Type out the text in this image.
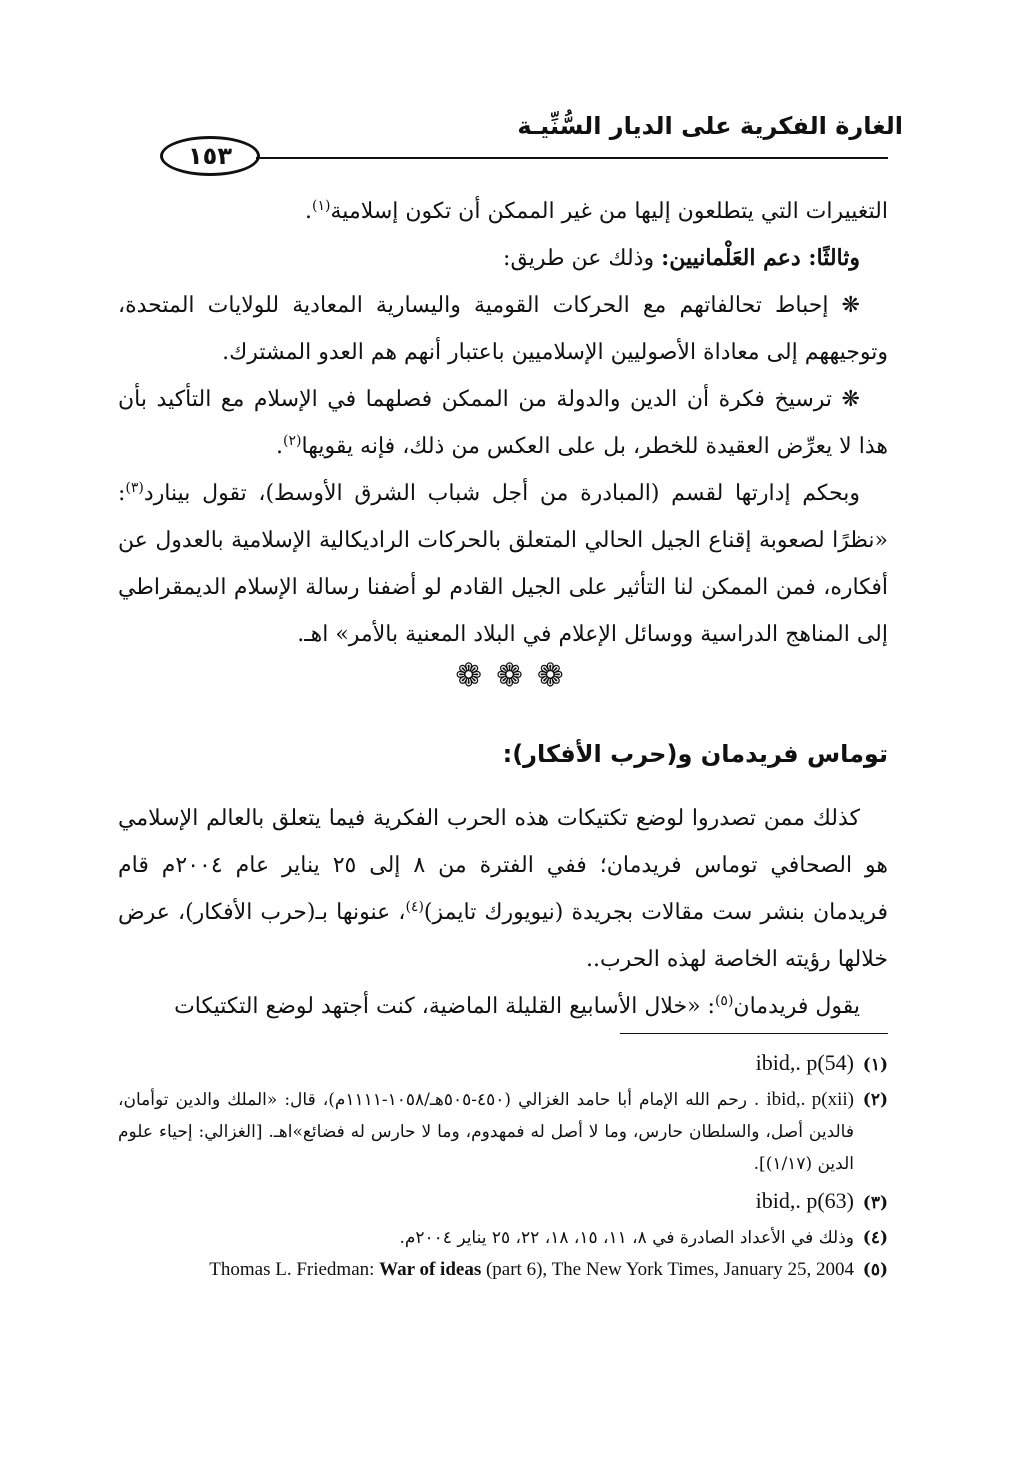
الغارة الفكرية على الديار السُّنِّيـة
١٥٣

التغييرات التي يتطلعون إليها من غير الممكن أن تكون إسلامية$^{(١)}$.

وثالثًا: دعم العَلْمانيين: وذلك عن طريق:

❋ إحباط تحالفاتهم مع الحركات القومية واليسارية المعادية للولايات المتحدة، وتوجيههم إلى معاداة الأصوليين الإسلاميين باعتبار أنهم هم العدو المشترك.

❋ ترسيخ فكرة أن الدين والدولة من الممكن فصلهما في الإسلام مع التأكيد بأن هذا لا يعرِّض العقيدة للخطر، بل على العكس من ذلك، فإنه يقويها$^{(٢)}$.

وبحكم إدارتها لقسم (المبادرة من أجل شباب الشرق الأوسط)، تقول بينارد$^{(٣)}$: «نظرًا لصعوبة إقناع الجيل الحالي المتعلق بالحركات الراديكالية الإسلامية بالعدول عن أفكاره، فمن الممكن لنا التأثير على الجيل القادم لو أضفنا رسالة الإسلام الديمقراطي إلى المناهج الدراسية ووسائل الإعلام في البلاد المعنية بالأمر» اهـ.

❁❁❁
توماس فريدمان و(حرب الأفكار):

كذلك ممن تصدروا لوضع تكتيكات هذه الحرب الفكرية فيما يتعلق بالعالم الإسلامي هو الصحافي توماس فريدمان؛ ففي الفترة من ٨ إلى ٢٥ يناير عام ٢٠٠٤م قام فريدمان بنشر ست مقالات بجريدة (نيويورك تايمز)$^{(٤)}$، عنونها بـ(حرب الأفكار)، عرض خلالها رؤيته الخاصة لهذه الحرب..

يقول فريدمان$^{(٥)}$: «خلال الأسابيع القليلة الماضية، كنت أجتهد لوضع التكتيكات

(١)
ibid,. p(54)
(٢)
ibid,. p(xii) . رحم الله الإمام أبا حامد الغزالي (٤٥٠-٥٠٥هـ/١٠٥٨-١١١١م)، قال: «الملك والدين توأمان، فالدين أصل، والسلطان حارس، وما لا أصل له فمهدوم، وما لا حارس له فضائع»اهـ. [الغزالي: إحياء علوم الدين (١/١٧)].
(٣)
ibid,. p(63)
(٤)
وذلك في الأعداد الصادرة في ٨، ١١، ١٥، ١٨، ٢٢، ٢٥ يناير ٢٠٠٤م.
(٥)
Thomas L. Friedman: War of ideas (part 6), The New York Times, January 25, 2004
